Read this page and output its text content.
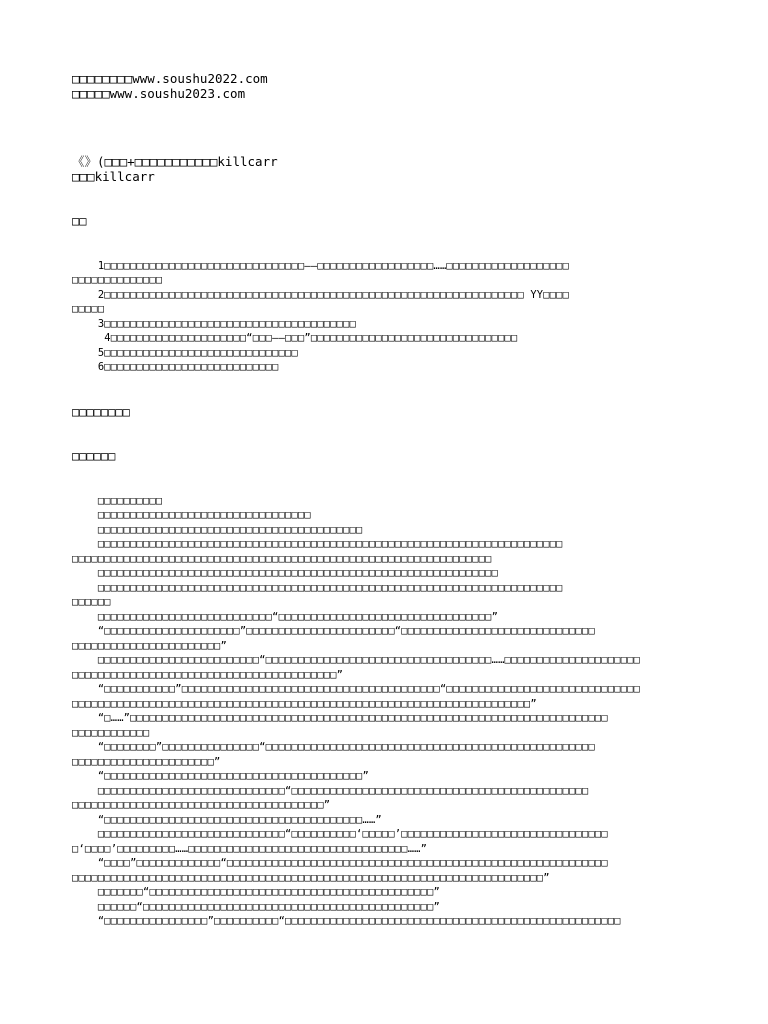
□□□□□□□□www.soushu2022.com
□□□□□www.soushu2023.com
《》(□□□+□□□□□□□□□□□killcarr
□□□killcarr
□□
1□□□□□□□□□□□□□□□□□□□□□□□□□□□□□□□——□□□□□□□□□□□□□□□□□□……□□□□□□□□□□□□□□□□□□□
□□□□□□□□□□□□□□
2□□□□□□□□□□□□□□□□□□□□□□□□□□□□□□□□□□□□□□□□□□□□□□□□□□□□□□□□□□□□□□□□□ YY□□□□
□□□□□
3□□□□□□□□□□□□□□□□□□□□□□□□□□□□□□□□□□□□□□□
4□□□□□□□□□□□□□□□□□□□□□“□□□——□□□”□□□□□□□□□□□□□□□□□□□□□□□□□□□□□□□□
5□□□□□□□□□□□□□□□□□□□□□□□□□□□□□□
6□□□□□□□□□□□□□□□□□□□□□□□□□□□
□□□□□□□□
□□□□□□
□□□□□□□□□□
□□□□□□□□□□□□□□□□□□□□□□□□□□□□□□□□□
□□□□□□□□□□□□□□□□□□□□□□□□□□□□□□□□□□□□□□□□□
□□□□□□□□□□□□□□□□□□□□□□□□□□□□□□□□□□□□□□□□□□□□□□□□□□□□□□□□□□□□□□□□□□□□□□□□
□□□□□□□□□□□□□□□□□□□□□□□□□□□□□□□□□□□□□□□□□□□□□□□□□□□□□□□□□□□□□□□□□
□□□□□□□□□□□□□□□□□□□□□□□□□□□□□□□□□□□□□□□□□□□□□□□□□□□□□□□□□□□□□□
□□□□□□□□□□□□□□□□□□□□□□□□□□□□□□□□□□□□□□□□□□□□□□□□□□□□□□□□□□□□□□□□□□□□□□□□
□□□□□□
□□□□□□□□□□□□□□□□□□□□□□□□□□□“□□□□□□□□□□□□□□□□□□□□□□□□□□□□□□□□□”
“□□□□□□□□□□□□□□□□□□□□□”□□□□□□□□□□□□□□□□□□□□□□□“□□□□□□□□□□□□□□□□□□□□□□□□□□□□□□
□□□□□□□□□□□□□□□□□□□□□□□”
□□□□□□□□□□□□□□□□□□□□□□□□□“□□□□□□□□□□□□□□□□□□□□□□□□□□□□□□□□□□□……□□□□□□□□□□□□□□□□□□□□□
□□□□□□□□□□□□□□□□□□□□□□□□□□□□□□□□□□□□□□□□□”
“□□□□□□□□□□□”□□□□□□□□□□□□□□□□□□□□□□□□□□□□□□□□□□□□□□□□“□□□□□□□□□□□□□□□□□□□□□□□□□□□□□□
□□□□□□□□□□□□□□□□□□□□□□□□□□□□□□□□□□□□□□□□□□□□□□□□□□□□□□□□□□□□□□□□□□□□□□□”
“□……”□□□□□□□□□□□□□□□□□□□□□□□□□□□□□□□□□□□□□□□□□□□□□□□□□□□□□□□□□□□□□□□□□□□□□□□□□□
□□□□□□□□□□□□
“□□□□□□□□”□□□□□□□□□□□□□□□“□□□□□□□□□□□□□□□□□□□□□□□□□□□□□□□□□□□□□□□□□□□□□□□□□□□
□□□□□□□□□□□□□□□□□□□□□□”
“□□□□□□□□□□□□□□□□□□□□□□□□□□□□□□□□□□□□□□□□”
□□□□□□□□□□□□□□□□□□□□□□□□□□□□□“□□□□□□□□□□□□□□□□□□□□□□□□□□□□□□□□□□□□□□□□□□□□□□
□□□□□□□□□□□□□□□□□□□□□□□□□□□□□□□□□□□□□□□”
“□□□□□□□□□□□□□□□□□□□□□□□□□□□□□□□□□□□□□□□□……”
□□□□□□□□□□□□□□□□□□□□□□□□□□□□□“□□□□□□□□□□‘□□□□□’□□□□□□□□□□□□□□□□□□□□□□□□□□□□□□□□
□‘□□□□’□□□□□□□□□……□□□□□□□□□□□□□□□□□□□□□□□□□□□□□□□□□□……”
“□□□□”□□□□□□□□□□□□□“□□□□□□□□□□□□□□□□□□□□□□□□□□□□□□□□□□□□□□□□□□□□□□□□□□□□□□□□□□□
□□□□□□□□□□□□□□□□□□□□□□□□□□□□□□□□□□□□□□□□□□□□□□□□□□□□□□□□□□□□□□□□□□□□□□□□□”
□□□□□□□“□□□□□□□□□□□□□□□□□□□□□□□□□□□□□□□□□□□□□□□□□□□□”
□□□□□□“□□□□□□□□□□□□□□□□□□□□□□□□□□□□□□□□□□□□□□□□□□□□□”
“□□□□□□□□□□□□□□□□”□□□□□□□□□□“□□□□□□□□□□□□□□□□□□□□□□□□□□□□□□□□□□□□□□□□□□□□□□□□□□□□
